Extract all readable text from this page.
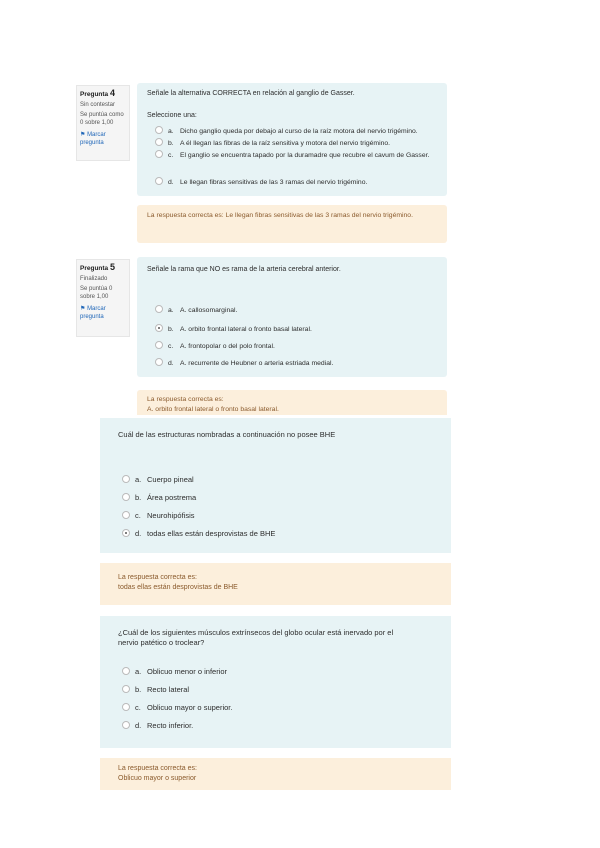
Pregunta 4
Sin contestar
Se puntúa como 0 sobre 1,00
⚑ Marcar pregunta
Señale la alternativa CORRECTA en relación al ganglio de Gasser.
Seleccione una:
a. Dicho ganglio queda por debajo al curso de la raíz motora del nervio trigémino.
b. A él llegan las fibras de la raíz sensitiva y motora del nervio trigémino.
c. El ganglio se encuentra tapado por la duramadre que recubre el cavum de Gasser.
d. Le llegan fibras sensitivas de las 3 ramas del nervio trigémino.
La respuesta correcta es: Le llegan fibras sensitivas de las 3 ramas del nervio trigémino.
Pregunta 5
Finalizado
Se puntúa 0 sobre 1,00
⚑ Marcar pregunta
Señale la rama que NO es rama de la arteria cerebral anterior.
a. A. callosomarginal.
b. A. orbito frontal lateral o fronto basal lateral.
c. A. frontopolar o del polo frontal.
d. A. recurrente de Heubner o arteria estriada medial.
La respuesta correcta es:
A. orbito frontal lateral o fronto basal lateral.
Cuál de las estructuras nombradas a continuación no posee BHE
a. Cuerpo pineal
b. Área postrema
c. Neurohipófisis
d. todas ellas están desprovistas de BHE
La respuesta correcta es:
todas ellas están desprovistas de BHE
¿Cuál de los siguientes músculos extrínsecos del globo ocular está inervado por el
nervio patético o troclear?
a. Oblicuo menor o inferior
b. Recto lateral
c. Oblicuo mayor o superior.
d. Recto inferior.
La respuesta correcta es:
Oblicuo mayor o superior
